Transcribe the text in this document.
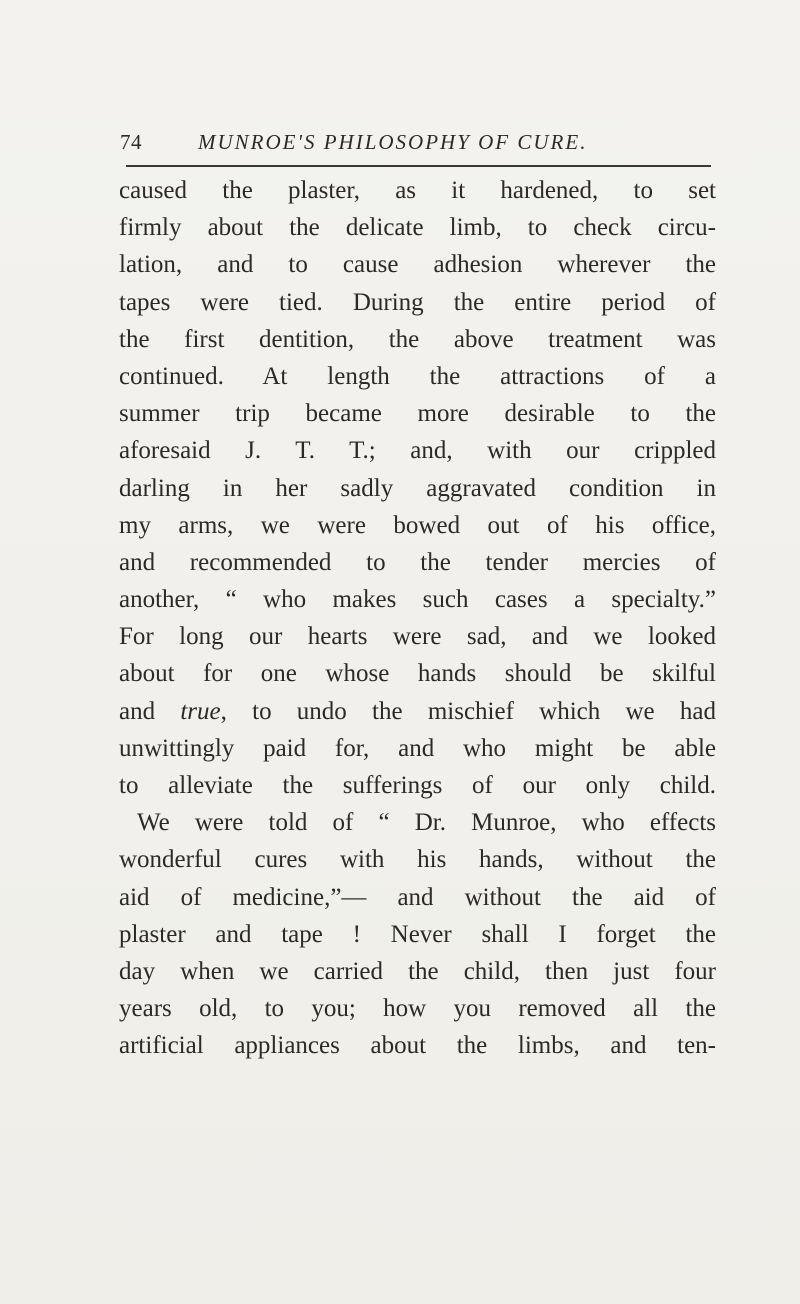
74	MUNROE'S PHILOSOPHY OF CURE.
caused the plaster, as it hardened, to set
firmly about the delicate limb, to check circu-
lation, and to cause adhesion wherever the
tapes were tied. During the entire period of
the first dentition, the above treatment was
continued. At length the attractions of a
summer trip became more desirable to the
aforesaid J. T. T.; and, with our crippled
darling in her sadly aggravated condition in
my arms, we were bowed out of his office,
and recommended to the tender mercies of
another, “ who makes such cases a specialty.”
For long our hearts were sad, and we looked
about for one whose hands should be skilful
and true, to undo the mischief which we had
unwittingly paid for, and who might be able
to alleviate the sufferings of our only child.
We were told of “ Dr. Munroe, who effects
wonderful cures with his hands, without the
aid of medicine,”— and without the aid of
plaster and tape ! Never shall I forget the
day when we carried the child, then just four
years old, to you; how you removed all the
artificial appliances about the limbs, and ten-
